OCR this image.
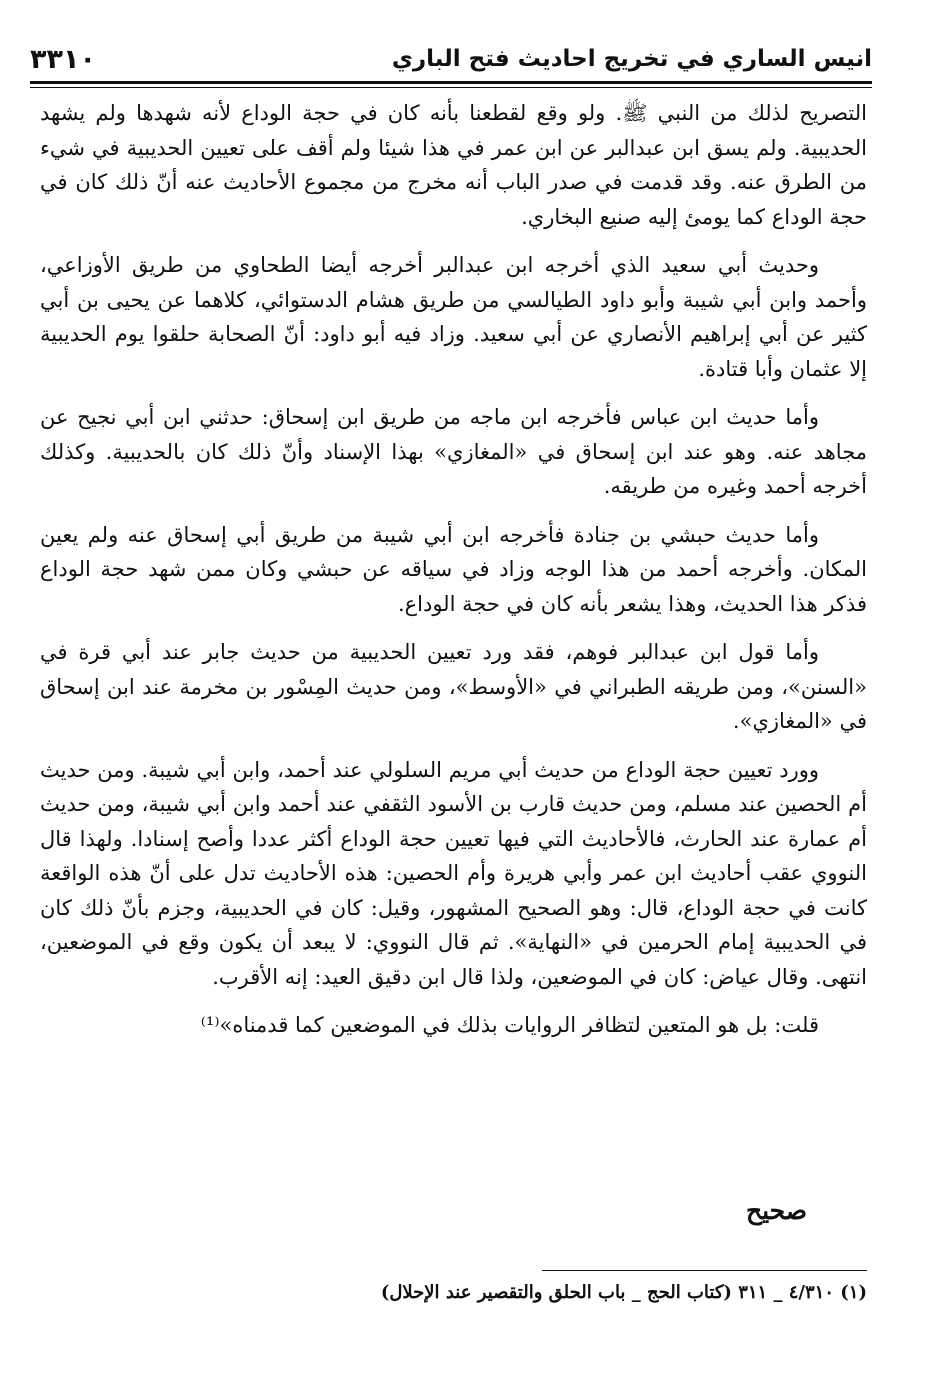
٣٣١٠	انيس الساري في تخريج احاديث فتح الباري

التصريح لذلك من النبي ﷺ. ولو وقع لقطعنا بأنه كان في حجة الوداع لأنه شهدها ولم يشهد الحديبية. ولم يسق ابن عبدالبر عن ابن عمر في هذا شيئا ولم أقف على تعيين الحديبية في شيء من الطرق عنه. وقد قدمت في صدر الباب أنه مخرج من مجموع الأحاديث عنه أنّ ذلك كان في حجة الوداع كما يومئ إليه صنيع البخاري.

وحديث أبي سعيد الذي أخرجه ابن عبدالبر أخرجه أيضا الطحاوي من طريق الأوزاعي، وأحمد وابن أبي شيبة وأبو داود الطيالسي من طريق هشام الدستوائي، كلاهما عن يحيى بن أبي كثير عن أبي إبراهيم الأنصاري عن أبي سعيد. وزاد فيه أبو داود: أنّ الصحابة حلقوا يوم الحديبية إلا عثمان وأبا قتادة.

وأما حديث ابن عباس فأخرجه ابن ماجه من طريق ابن إسحاق: حدثني ابن أبي نجيح عن مجاهد عنه. وهو عند ابن إسحاق في «المغازي» بهذا الإسناد وأنّ ذلك كان بالحديبية. وكذلك أخرجه أحمد وغيره من طريقه.

وأما حديث حبشي بن جنادة فأخرجه ابن أبي شيبة من طريق أبي إسحاق عنه ولم يعين المكان. وأخرجه أحمد من هذا الوجه وزاد في سياقه عن حبشي وكان ممن شهد حجة الوداع فذكر هذا الحديث، وهذا يشعر بأنه كان في حجة الوداع.

وأما قول ابن عبدالبر فوهم، فقد ورد تعيين الحديبية من حديث جابر عند أبي قرة في «السنن»، ومن طريقه الطبراني في «الأوسط»، ومن حديث المِسْور بن مخرمة عند ابن إسحاق في «المغازي».

وورد تعيين حجة الوداع من حديث أبي مريم السلولي عند أحمد، وابن أبي شيبة. ومن حديث أم الحصين عند مسلم، ومن حديث قارب بن الأسود الثقفي عند أحمد وابن أبي شيبة، ومن حديث أم عمارة عند الحارث، فالأحاديث التي فيها تعيين حجة الوداع أكثر عددا وأصح إسنادا. ولهذا قال النووي عقب أحاديث ابن عمر وأبي هريرة وأم الحصين: هذه الأحاديث تدل على أنّ هذه الواقعة كانت في حجة الوداع، قال: وهو الصحيح المشهور، وقيل: كان في الحديبية، وجزم بأنّ ذلك كان في الحديبية إمام الحرمين في «النهاية». ثم قال النووي: لا يبعد أن يكون وقع في الموضعين، انتهى. وقال عياض: كان في الموضعين، ولذا قال ابن دقيق العيد: إنه الأقرب.

قلت: بل هو المتعين لتظافر الروايات بذلك في الموضعين كما قدمناه»⁽¹⁾

صحيح
(١) ٤/٣١٠ _ ٣١١ (كتاب الحج _ باب الحلق والتقصير عند الإحلال)
